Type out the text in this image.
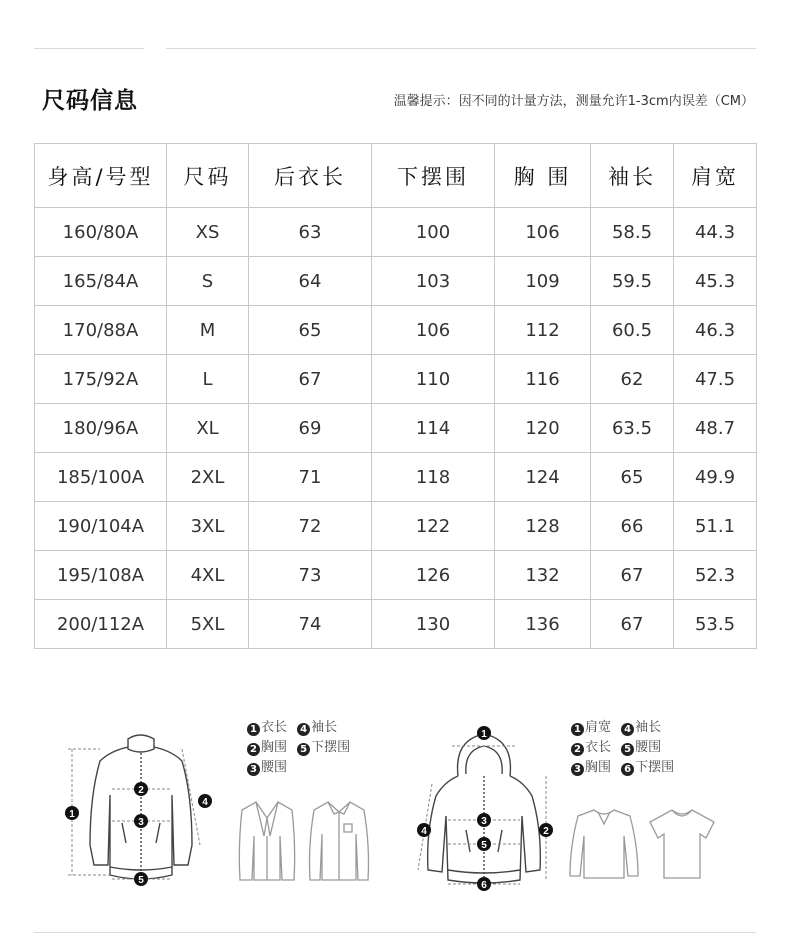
尺码信息	温馨提示：因不同的计量方法，测量允许1-3cm内误差（CM）
身高/号型	尺码	后衣长	下摆围	胸 围	袖长	肩宽
160/80A	XS	63	100	106	58.5	44.3
165/84A	S	64	103	109	59.5	45.3
170/88A	M	65	106	112	60.5	46.3
175/92A	L	67	110	116	62	47.5
180/96A	XL	69	114	120	63.5	48.7
185/100A	2XL	71	118	124	65	49.9
190/104A	3XL	72	122	128	66	51.1
195/108A	4XL	73	126	132	67	52.3
200/112A	5XL	74	130	136	67	53.5
1
2
3
4
5
1 衣长 4 袖长
2 胸围 5 下摆围
3 腰围
1
2
3
4
5
6
1 肩宽 4 袖长
2 衣长 5 腰围
3 胸围 6 下摆围
